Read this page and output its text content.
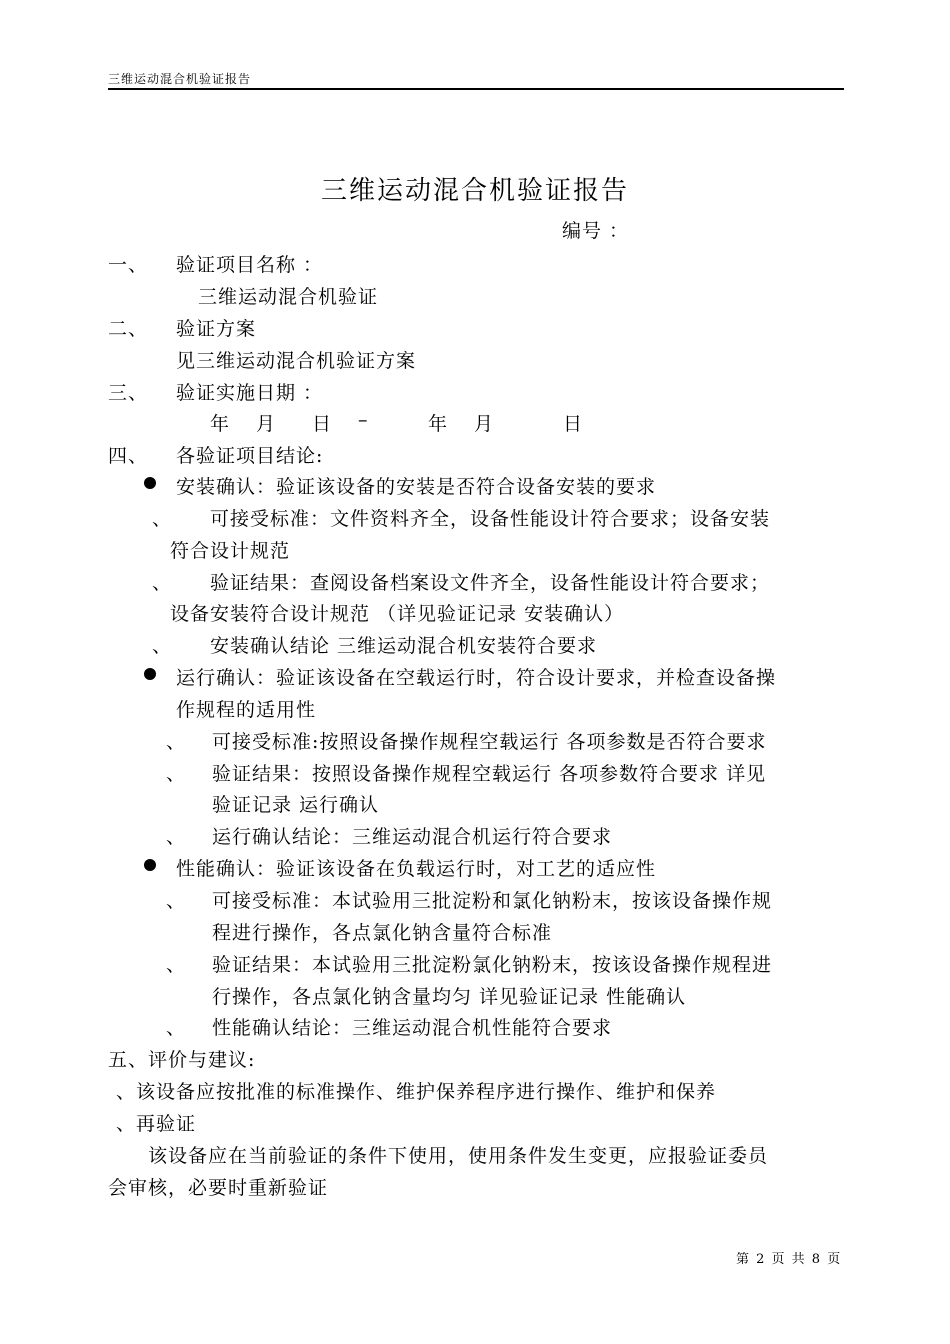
三维运动混合机验证报告
三维运动混合机验证报告
编号 ：
一、 验证项目名称 ：
三维运动混合机验证
二、 验证方案
见三维运动混合机验证方案
三、 验证实施日期 ：
年 月 日 –	年 月	日
四、 各验证项目结论:
安装确认：验证该设备的安装是否符合设备安装的要求
、 可接受标准：文件资料齐全，设备性能设计符合要求；设备安装
符合设计规范
、 验证结果：查阅设备档案设文件齐全，设备性能设计符合要求；
设备安装符合设计规范 （详见验证记录 安装确认）
、 安装确认结论 三维运动混合机安装符合要求
运行确认：验证该设备在空载运行时，符合设计要求，并检查设备操
作规程的适用性
、 可接受标准:按照设备操作规程空载运行 各项参数是否符合要求
、 验证结果：按照设备操作规程空载运行 各项参数符合要求 详见
验证记录 运行确认
、 运行确认结论：三维运动混合机运行符合要求
性能确认：验证该设备在负载运行时，对工艺的适应性
、 可接受标准：本试验用三批淀粉和氯化钠粉末，按该设备操作规
程进行操作，各点氯化钠含量符合标准
、 验证结果：本试验用三批淀粉氯化钠粉末，按该设备操作规程进
行操作，各点氯化钠含量均匀 详见验证记录 性能确认
、 性能确认结论：三维运动混合机性能符合要求
五、评价与建议:
、该设备应按批准的标准操作、维护保养程序进行操作、维护和保养
、再验证
该设备应在当前验证的条件下使用，使用条件发生变更，应报验证委员
会审核，必要时重新验证
第 2 页 共 8 页
